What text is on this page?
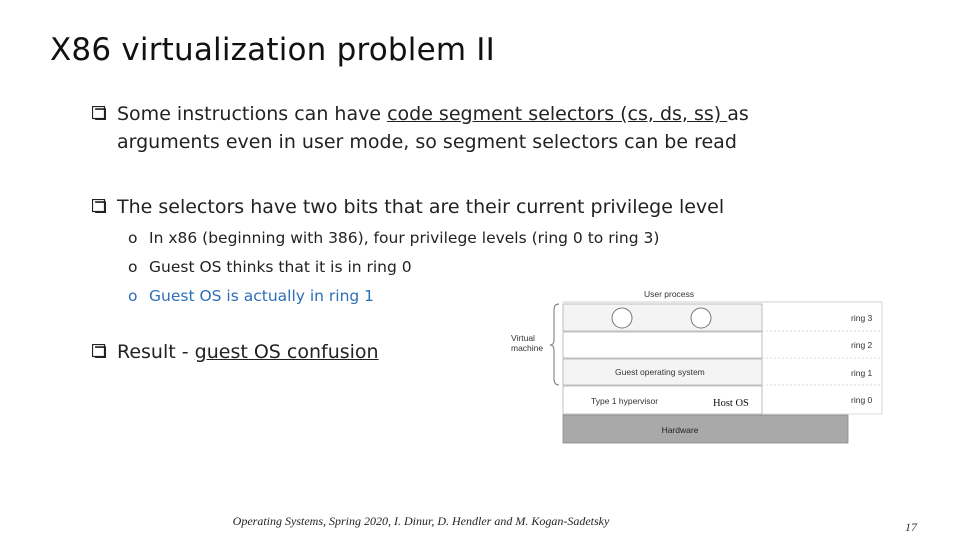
X86 virtualization problem II
Some instructions can have code segment selectors (cs, ds, ss) as
arguments even in user mode, so segment selectors can be read
The selectors have two bits that are their current privilege level
o In x86 (beginning with 386), four privilege levels (ring 0 to ring 3)
o Guest OS thinks that it is in ring 0
o Guest OS is actually in ring 1
Result - guest OS confusion
User process
Guest operating system
Type 1 hypervisor	Host OS
Hardware
ring 3
ring 2
ring 1
ring 0
Virtual machine
Operating Systems, Spring 2020, I. Dinur, D. Hendler and M. Kogan-Sadetsky	17
